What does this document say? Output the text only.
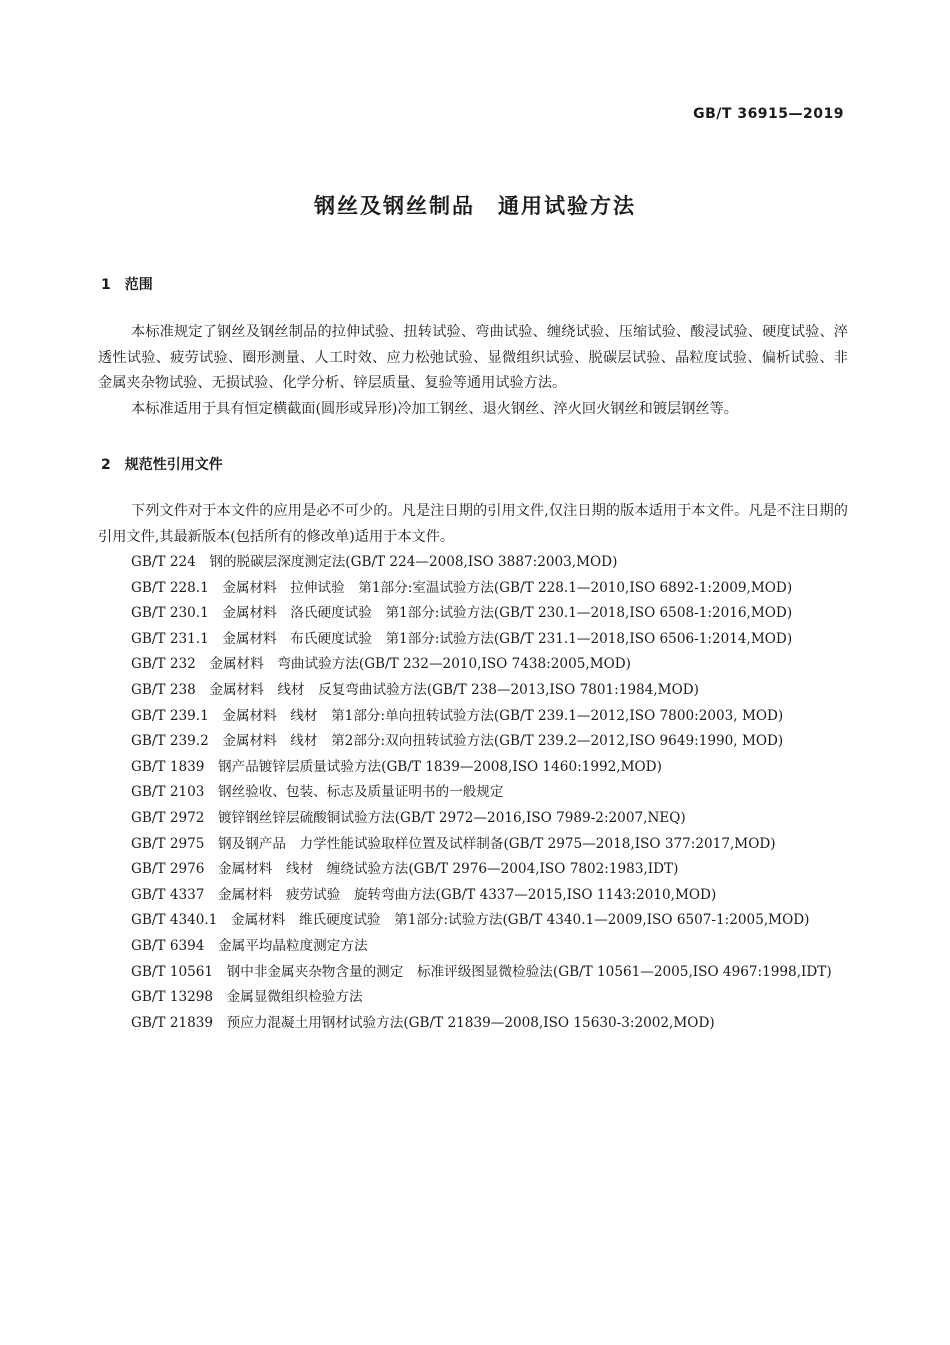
GB/T 36915—2019
钢丝及钢丝制品　通用试验方法
1　范围

本标准规定了钢丝及钢丝制品的拉伸试验、扭转试验、弯曲试验、缠绕试验、压缩试验、酸浸试验、硬度试验、淬透性试验、疲劳试验、圈形测量、人工时效、应力松弛试验、显微组织试验、脱碳层试验、晶粒度试验、偏析试验、非金属夹杂物试验、无损试验、化学分析、锌层质量、复验等通用试验方法。

本标准适用于具有恒定横截面(圆形或异形)冷加工钢丝、退火钢丝、淬火回火钢丝和镀层钢丝等。

2　规范性引用文件

下列文件对于本文件的应用是必不可少的。凡是注日期的引用文件,仅注日期的版本适用于本文件。凡是不注日期的引用文件,其最新版本(包括所有的修改单)适用于本文件。

GB/T 224　 钢的脱碳层深度测定法(GB/T 224—2008,ISO 3887:2003,MOD)
GB/T 228.1　 金属材料　拉伸试验　第1部分:室温试验方法(GB/T 228.1—2010,ISO 6892-1:2009,MOD)
GB/T 230.1　 金属材料　洛氏硬度试验　第1部分:试验方法(GB/T 230.1—2018,ISO 6508-1:2016,MOD)
GB/T 231.1　 金属材料　布氏硬度试验　第1部分:试验方法(GB/T 231.1—2018,ISO 6506-1:2014,MOD)
GB/T 232　 金属材料　弯曲试验方法(GB/T 232—2010,ISO 7438:2005,MOD)
GB/T 238　 金属材料　线材　反复弯曲试验方法(GB/T 238—2013,ISO 7801:1984,MOD)
GB/T 239.1　 金属材料　线材　第1部分:单向扭转试验方法(GB/T 239.1—2012,ISO 7800:2003, MOD)
GB/T 239.2　 金属材料　线材　第2部分:双向扭转试验方法(GB/T 239.2—2012,ISO 9649:1990, MOD)
GB/T 1839　 钢产品镀锌层质量试验方法(GB/T 1839—2008,ISO 1460:1992,MOD)
GB/T 2103　 钢丝验收、包装、标志及质量证明书的一般规定
GB/T 2972　 镀锌钢丝锌层硫酸铜试验方法(GB/T 2972—2016,ISO 7989-2:2007,NEQ)
GB/T 2975　 钢及钢产品　力学性能试验取样位置及试样制备(GB/T 2975—2018,ISO 377:2017,MOD)
GB/T 2976　 金属材料　线材　缠绕试验方法(GB/T 2976—2004,ISO 7802:1983,IDT)
GB/T 4337　 金属材料　疲劳试验　旋转弯曲方法(GB/T 4337—2015,ISO 1143:2010,MOD)
GB/T 4340.1　 金属材料　维氏硬度试验　第1部分:试验方法(GB/T 4340.1—2009,ISO 6507-1:2005,MOD)
GB/T 6394　 金属平均晶粒度测定方法
GB/T 10561　 钢中非金属夹杂物含量的测定　标准评级图显微检验法(GB/T 10561—2005,ISO 4967:1998,IDT)
GB/T 13298　 金属显微组织检验方法
GB/T 21839　 预应力混凝土用钢材试验方法(GB/T 21839—2008,ISO 15630-3:2002,MOD)
